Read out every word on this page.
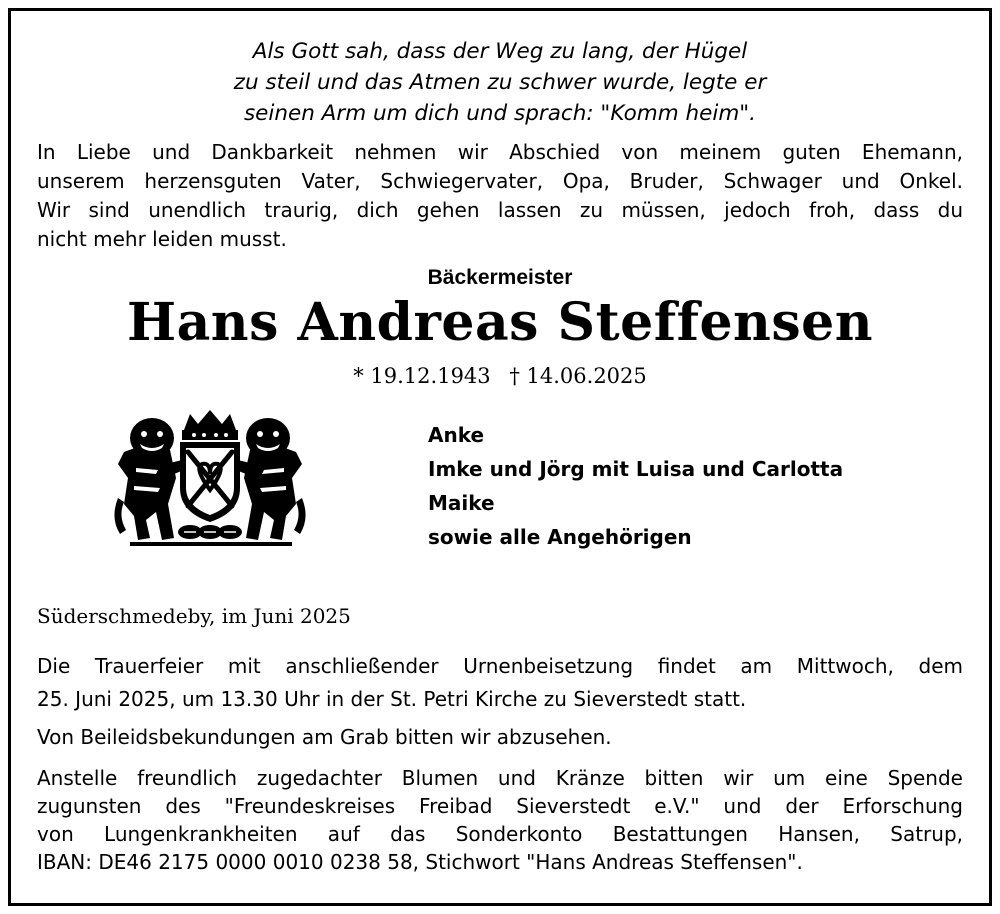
Als Gott sah, dass der Weg zu lang, der Hügel
zu steil und das Atmen zu schwer wurde, legte er
seinen Arm um dich und sprach: "Komm heim".
In Liebe und Dankbarkeit nehmen wir Abschied von meinem guten Ehemann,
unserem herzensguten Vater, Schwiegervater, Opa, Bruder, Schwager und Onkel.
Wir sind unendlich traurig, dich gehen lassen zu müssen, jedoch froh, dass du
nicht mehr leiden musst.
Bäckermeister
Hans Andreas Steffensen
* 19.12.1943 † 14.06.2025
Anke
Imke und Jörg mit Luisa und Carlotta
Maike
sowie alle Angehörigen
Süderschmedeby, im Juni 2025
Die Trauerfeier mit anschließender Urnenbeisetzung findet am Mittwoch, dem
25. Juni 2025, um 13.30 Uhr in der St. Petri Kirche zu Sieverstedt statt.
Von Beileidsbekundungen am Grab bitten wir abzusehen.
Anstelle freundlich zugedachter Blumen und Kränze bitten wir um eine Spende
zugunsten des "Freundeskreises Freibad Sieverstedt e.V." und der Erforschung
von Lungenkrankheiten auf das Sonderkonto Bestattungen Hansen, Satrup,
IBAN: DE46 2175 0000 0010 0238 58, Stichwort "Hans Andreas Steffensen".
